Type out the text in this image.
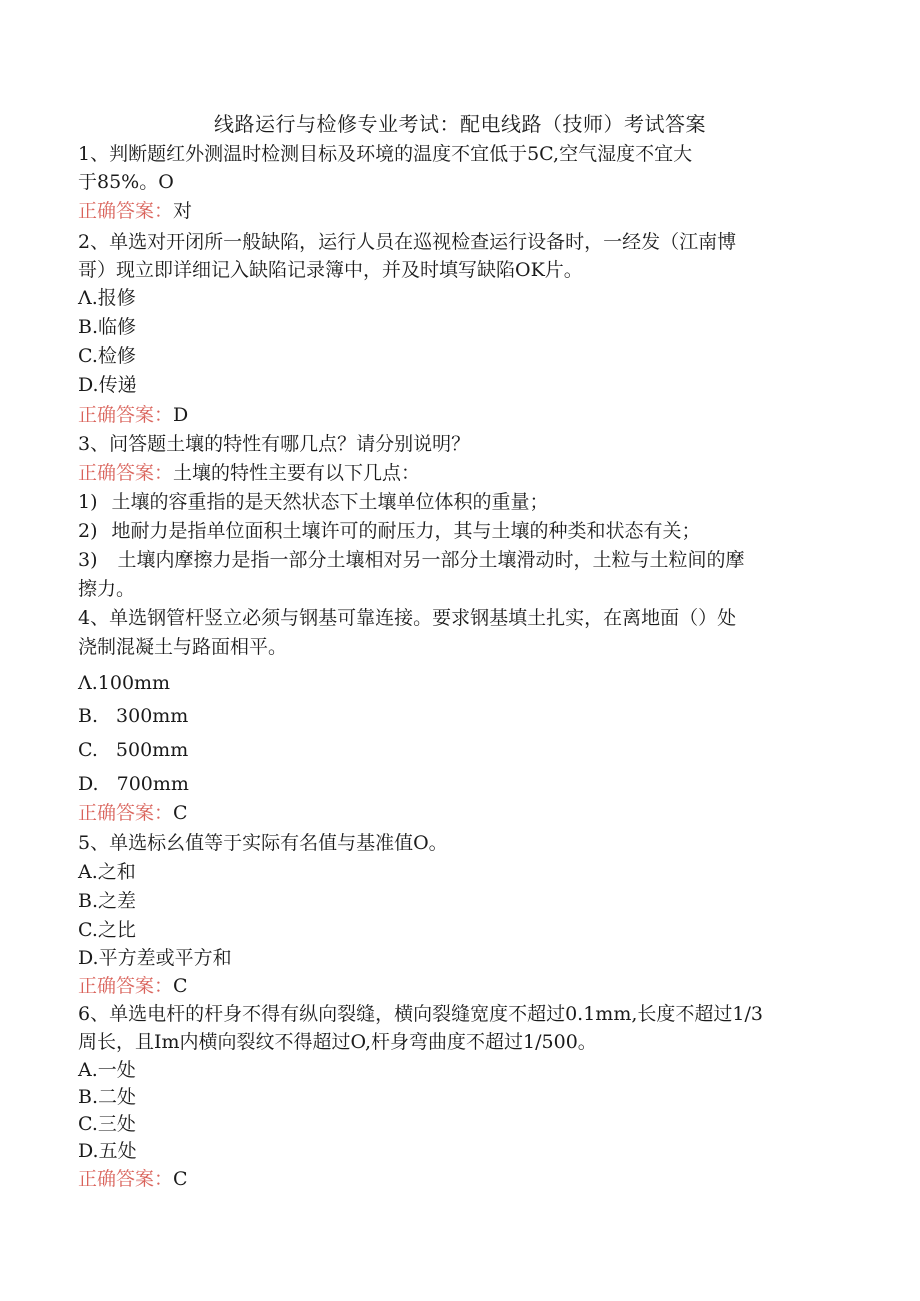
线路运行与检修专业考试：配电线路（技师）考试答案
1、判断题红外测温时检测目标及环境的温度不宜低于5C,空气湿度不宜大
于85%。O
正确答案：对
2、单选对开闭所一般缺陷，运行人员在巡视检查运行设备时，一经发（江南博
哥）现立即详细记入缺陷记录簿中，并及时填写缺陷OK片。
Λ.报修
B.临修
C.检修
D.传递
正确答案：D
3、问答题土壤的特性有哪几点？请分别说明？
正确答案：土壤的特性主要有以下几点：
1) 土壤的容重指的是天然状态下土壤单位体积的重量；
2) 地耐力是指单位面积土壤许可的耐压力，其与土壤的种类和状态有关；
3) 土壤内摩擦力是指一部分土壤相对另一部分土壤滑动时，土粒与土粒间的摩
擦力。
4、单选钢管杆竖立必须与钢基可靠连接。要求钢基填土扎实，在离地面（）处
浇制混凝土与路面相平。
Λ.100mm
B. 300mm
C. 500mm
D. 700mm
正确答案：C
5、单选标幺值等于实际有名值与基准值O。
A.之和
B.之差
C.之比
D.平方差或平方和
正确答案：C
6、单选电杆的杆身不得有纵向裂缝，横向裂缝宽度不超过0.1mm,长度不超过1/3
周长，且Im内横向裂纹不得超过O,杆身弯曲度不超过1/500。
A.一处
B.二处
C.三处
D.五处
正确答案：C
